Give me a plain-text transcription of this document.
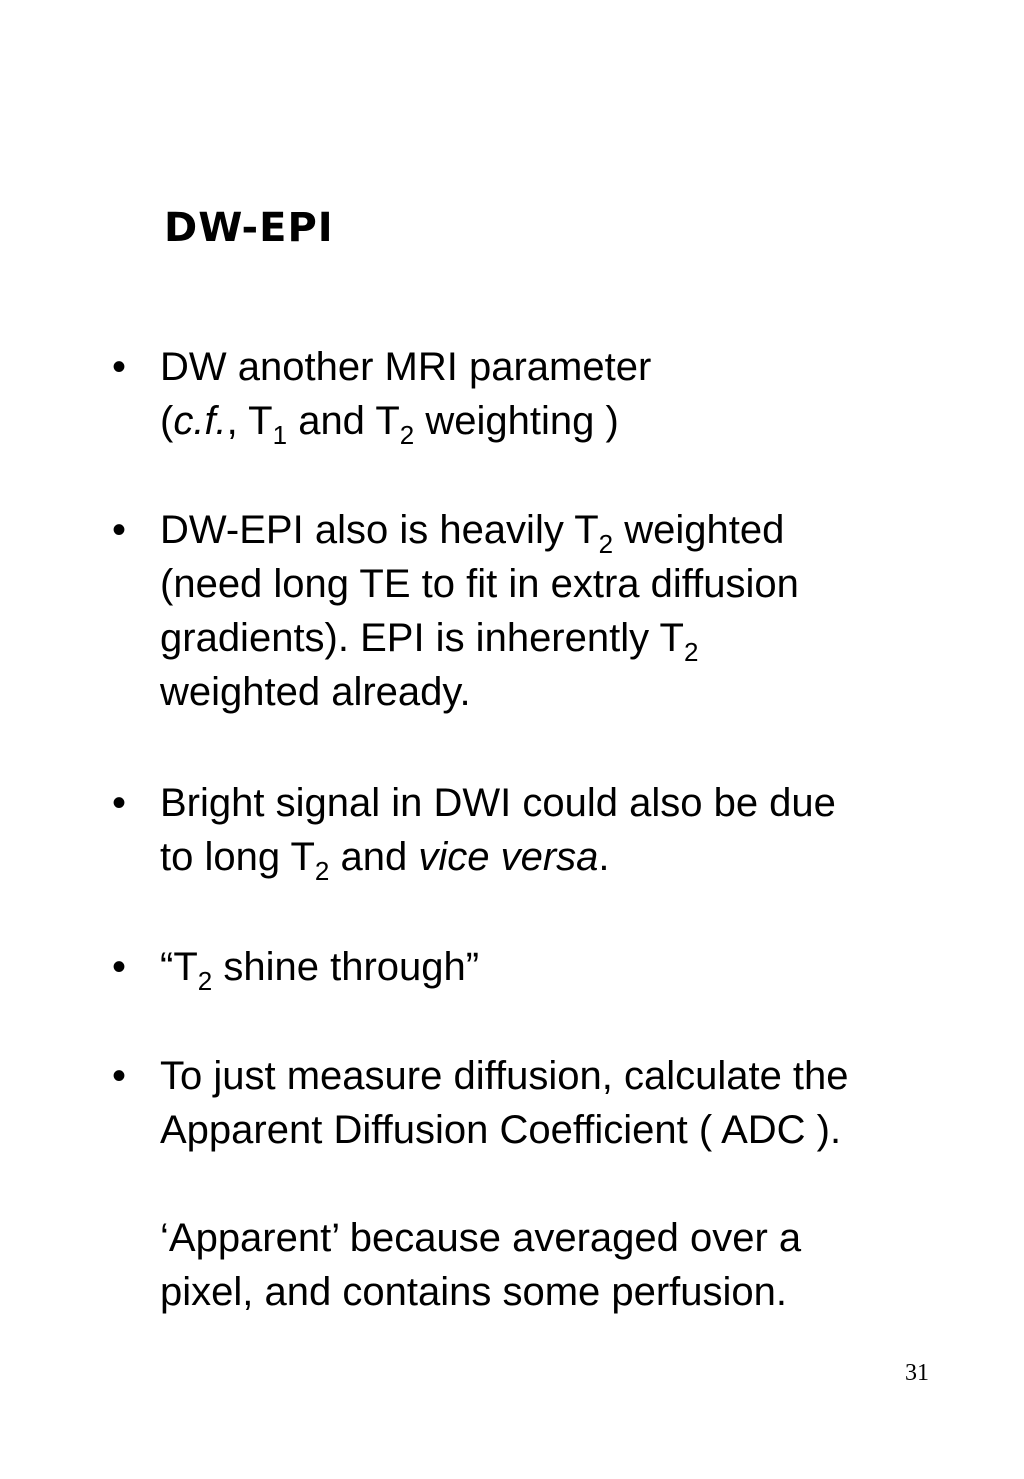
DW-EPI
• DW another MRI parameter
(c.f., $T_1$ and $T_2$ weighting )
• DW-EPI also is heavily $T_2$ weighted
(need long TE to fit in extra diffusion
gradients). EPI is inherently $T_2$
weighted already.
• Bright signal in DWI could also be due
to long $T_2$ and vice versa.
• “$T_2$ shine through”
• To just measure diffusion, calculate the
Apparent Diffusion Coefficient ( ADC ).
‘Apparent’ because averaged over a
pixel, and contains some perfusion.
31
